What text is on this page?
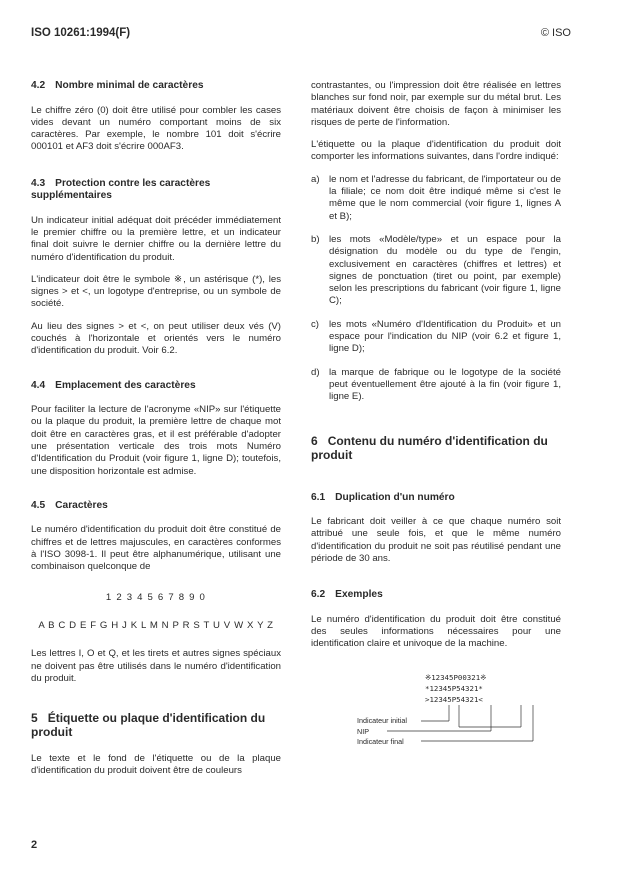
ISO 10261:1994(F)	© ISO
4.2 Nombre minimal de caractères

Le chiffre zéro (0) doit être utilisé pour combler les cases vides devant un numéro comportant moins de six caractères. Par exemple, le nombre 101 doit s'écrire 000101 et AF3 doit s'écrire 000AF3.

4.3 Protection contre les caractères supplémentaires

Un indicateur initial adéquat doit précéder immédiatement le premier chiffre ou la première lettre, et un indicateur final doit suivre le dernier chiffre ou la dernière lettre du numéro d'identification du produit.

L'indicateur doit être le symbole ※, un astérisque (*), les signes > et <, un logotype d'entreprise, ou un symbole de société.

Au lieu des signes > et <, on peut utiliser deux vés (V) couchés à l'horizontale et orientés vers le numéro d'identification du produit. Voir 6.2.

4.4 Emplacement des caractères

Pour faciliter la lecture de l'acronyme «NIP» sur l'étiquette ou la plaque du produit, la première lettre de chaque mot doit être en caractères gras, et il est préférable d'adopter une présentation verticale des trois mots Numéro d'Identification du Produit (voir figure 1, ligne D); toutefois, une disposition horizontale est admise.

4.5 Caractères

Le numéro d'identification du produit doit être constitué de chiffres et de lettres majuscules, en caractères conformes à l'ISO 3098-1. Il peut être alphanumérique, utilisant une combinaison quelconque de

1 2 3 4 5 6 7 8 9 0
A B C D E F G H J K L M N P R S T U V W X Y Z

Les lettres I, O et Q, et les tirets et autres signes spéciaux ne doivent pas être utilisés dans le numéro d'identification du produit.

5 Étiquette ou plaque d'identification du produit

Le texte et le fond de l'étiquette ou de la plaque d'identification du produit doivent être de couleurs

contrastantes, ou l'impression doit être réalisée en lettres blanches sur fond noir, par exemple sur du métal brut. Les matériaux doivent être choisis de façon à minimiser les risques de perte de l'information.

L'étiquette ou la plaque d'identification du produit doit comporter les informations suivantes, dans l'ordre indiqué:

a) le nom et l'adresse du fabricant, de l'importateur ou de la filiale; ce nom doit être indiqué même si c'est le même que le nom commercial (voir figure 1, lignes A et B);
b) les mots «Modèle/type» et un espace pour la désignation du modèle ou du type de l'engin, exclusivement en caractères (chiffres et lettres) et signes de ponctuation (tiret ou point, par exemple) selon les prescriptions du fabricant (voir figure 1, ligne C);
c) les mots «Numéro d'Identification du Produit» et un espace pour l'indication du NIP (voir 6.2 et figure 1, ligne D);
d) la marque de fabrique ou le logotype de la société peut éventuellement être ajouté à la fin (voir figure 1, ligne E).
6 Contenu du numéro d'identification du produit
6.1 Duplication d'un numéro

Le fabricant doit veiller à ce que chaque numéro soit attribué une seule fois, et que le même numéro d'identification du produit ne soit pas réutilisé pendant une période de 30 ans.

6.2 Exemples

Le numéro d'identification du produit doit être constitué des seules informations nécessaires pour une identification claire et univoque de la machine.

※12345P00321※
*12345P54321*
>12345P54321<
Indicateur initial
NIP
Indicateur final
2
